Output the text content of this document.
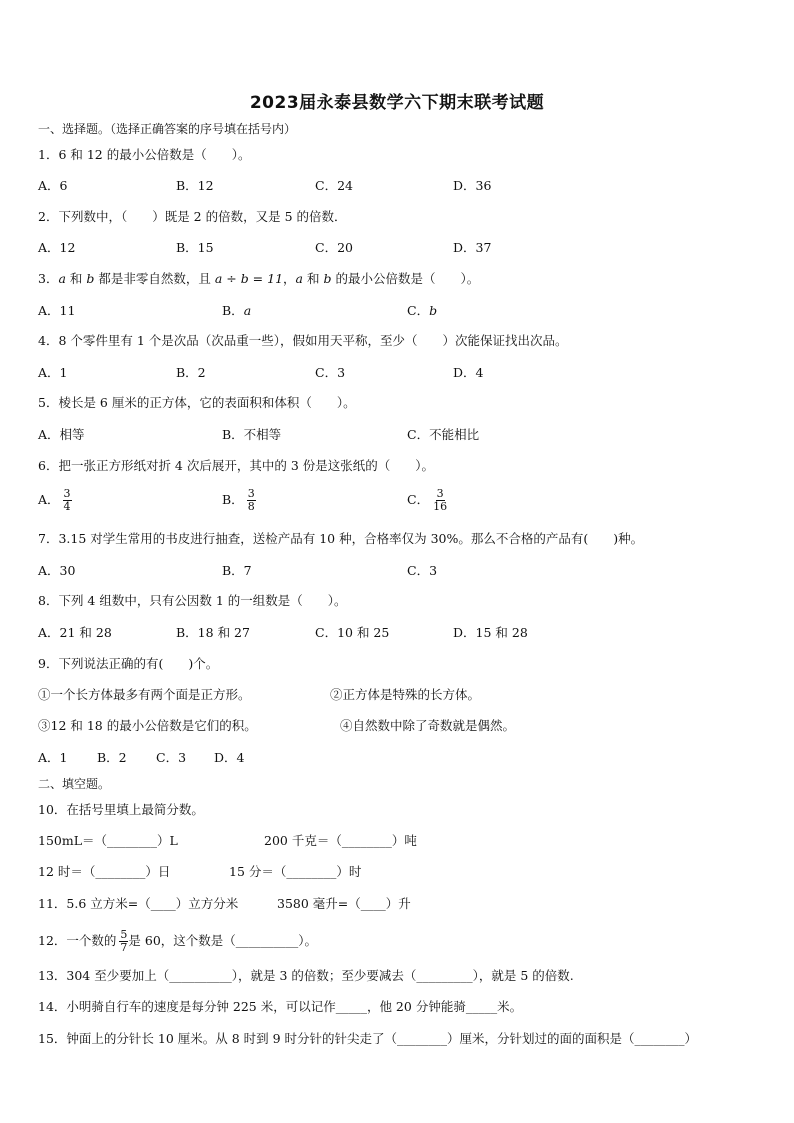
2023届永泰县数学六下期末联考试题
一、选择题。（选择正确答案的序号填在括号内）
1．6 和 12 的最小公倍数是（　　）。
A．6	B．12	C．24	D．36
2．下列数中，（　　）既是 2 的倍数，又是 5 的倍数．
A．12	B．15	C．20	D．37
3．a 和 b 都是非零自然数，且 a ÷ b = 11，a 和 b 的最小公倍数是（　　）。
A．11	B．a	C．b
4．8 个零件里有 1 个是次品（次品重一些），假如用天平称，至少（　　）次能保证找出次品。
A．1	B．2	C．3	D．4
5．棱长是 6 厘米的正方体，它的表面积和体积（　　）。
A．相等	B．不相等	C．不能相比
6．把一张正方形纸对折 4 次后展开，其中的 3 份是这张纸的（　　）。
A． $\frac{3}{4}$	B． $\frac{3}{8}$	C． $\frac{3}{16}$
7．3.15 对学生常用的书皮进行抽查，送检产品有 10 种，合格率仅为 30%。那么不合格的产品有(　　)种。
A．30	B．7	C．3
8．下列 4 组数中，只有公因数 1 的一组数是（　　）。
A．21 和 28	B．18 和 27	C．10 和 25	D．15 和 28
9．下列说法正确的有(　　)个。
①一个长方体最多有两个面是正方形。	②正方体是特殊的长方体。
③12 和 18 的最小公倍数是它们的积。	④自然数中除了奇数就是偶然。
A．1 B．2 C．3 D．4
二、填空题。
10．在括号里填上最简分数。
150mL＝（________）L	200 千克＝（________）吨
12 时＝（________）日	15 分＝（________）时
11．5.6 立方米=（____）立方分米	3580 毫升=（____）升
12．一个数的 $\frac{5}{7}$ 是 60，这个数是（__________）。
13．304 至少要加上（__________），就是 3 的倍数；至少要减去（_________），就是 5 的倍数.
14．小明骑自行车的速度是每分钟 225 米，可以记作_____，他 20 分钟能骑_____米。
15．钟面上的分针长 10 厘米。从 8 时到 9 时分针的针尖走了（________）厘米，分针划过的面的面积是（________）
